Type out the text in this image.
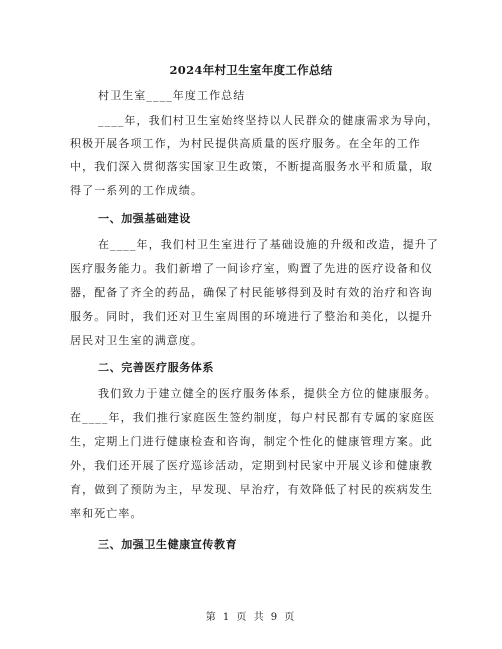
2024年村卫生室年度工作总结
村卫生室____年度工作总结
____年，我们村卫生室始终坚持以人民群众的健康需求为导向，
积极开展各项工作，为村民提供高质量的医疗服务。在全年的工作
中，我们深入贯彻落实国家卫生政策，不断提高服务水平和质量，取
得了一系列的工作成绩。
一、加强基础建设
在____年，我们村卫生室进行了基础设施的升级和改造，提升了
医疗服务能力。我们新增了一间诊疗室，购置了先进的医疗设备和仪
器，配备了齐全的药品，确保了村民能够得到及时有效的治疗和咨询
服务。同时，我们还对卫生室周围的环境进行了整治和美化，以提升
居民对卫生室的满意度。
二、完善医疗服务体系
我们致力于建立健全的医疗服务体系，提供全方位的健康服务。
在____年，我们推行家庭医生签约制度，每户村民都有专属的家庭医
生，定期上门进行健康检查和咨询，制定个性化的健康管理方案。此
外，我们还开展了医疗巡诊活动，定期到村民家中开展义诊和健康教
育，做到了预防为主，早发现、早治疗，有效降低了村民的疾病发生
率和死亡率。
三、加强卫生健康宣传教育
第 1 页 共 9 页
